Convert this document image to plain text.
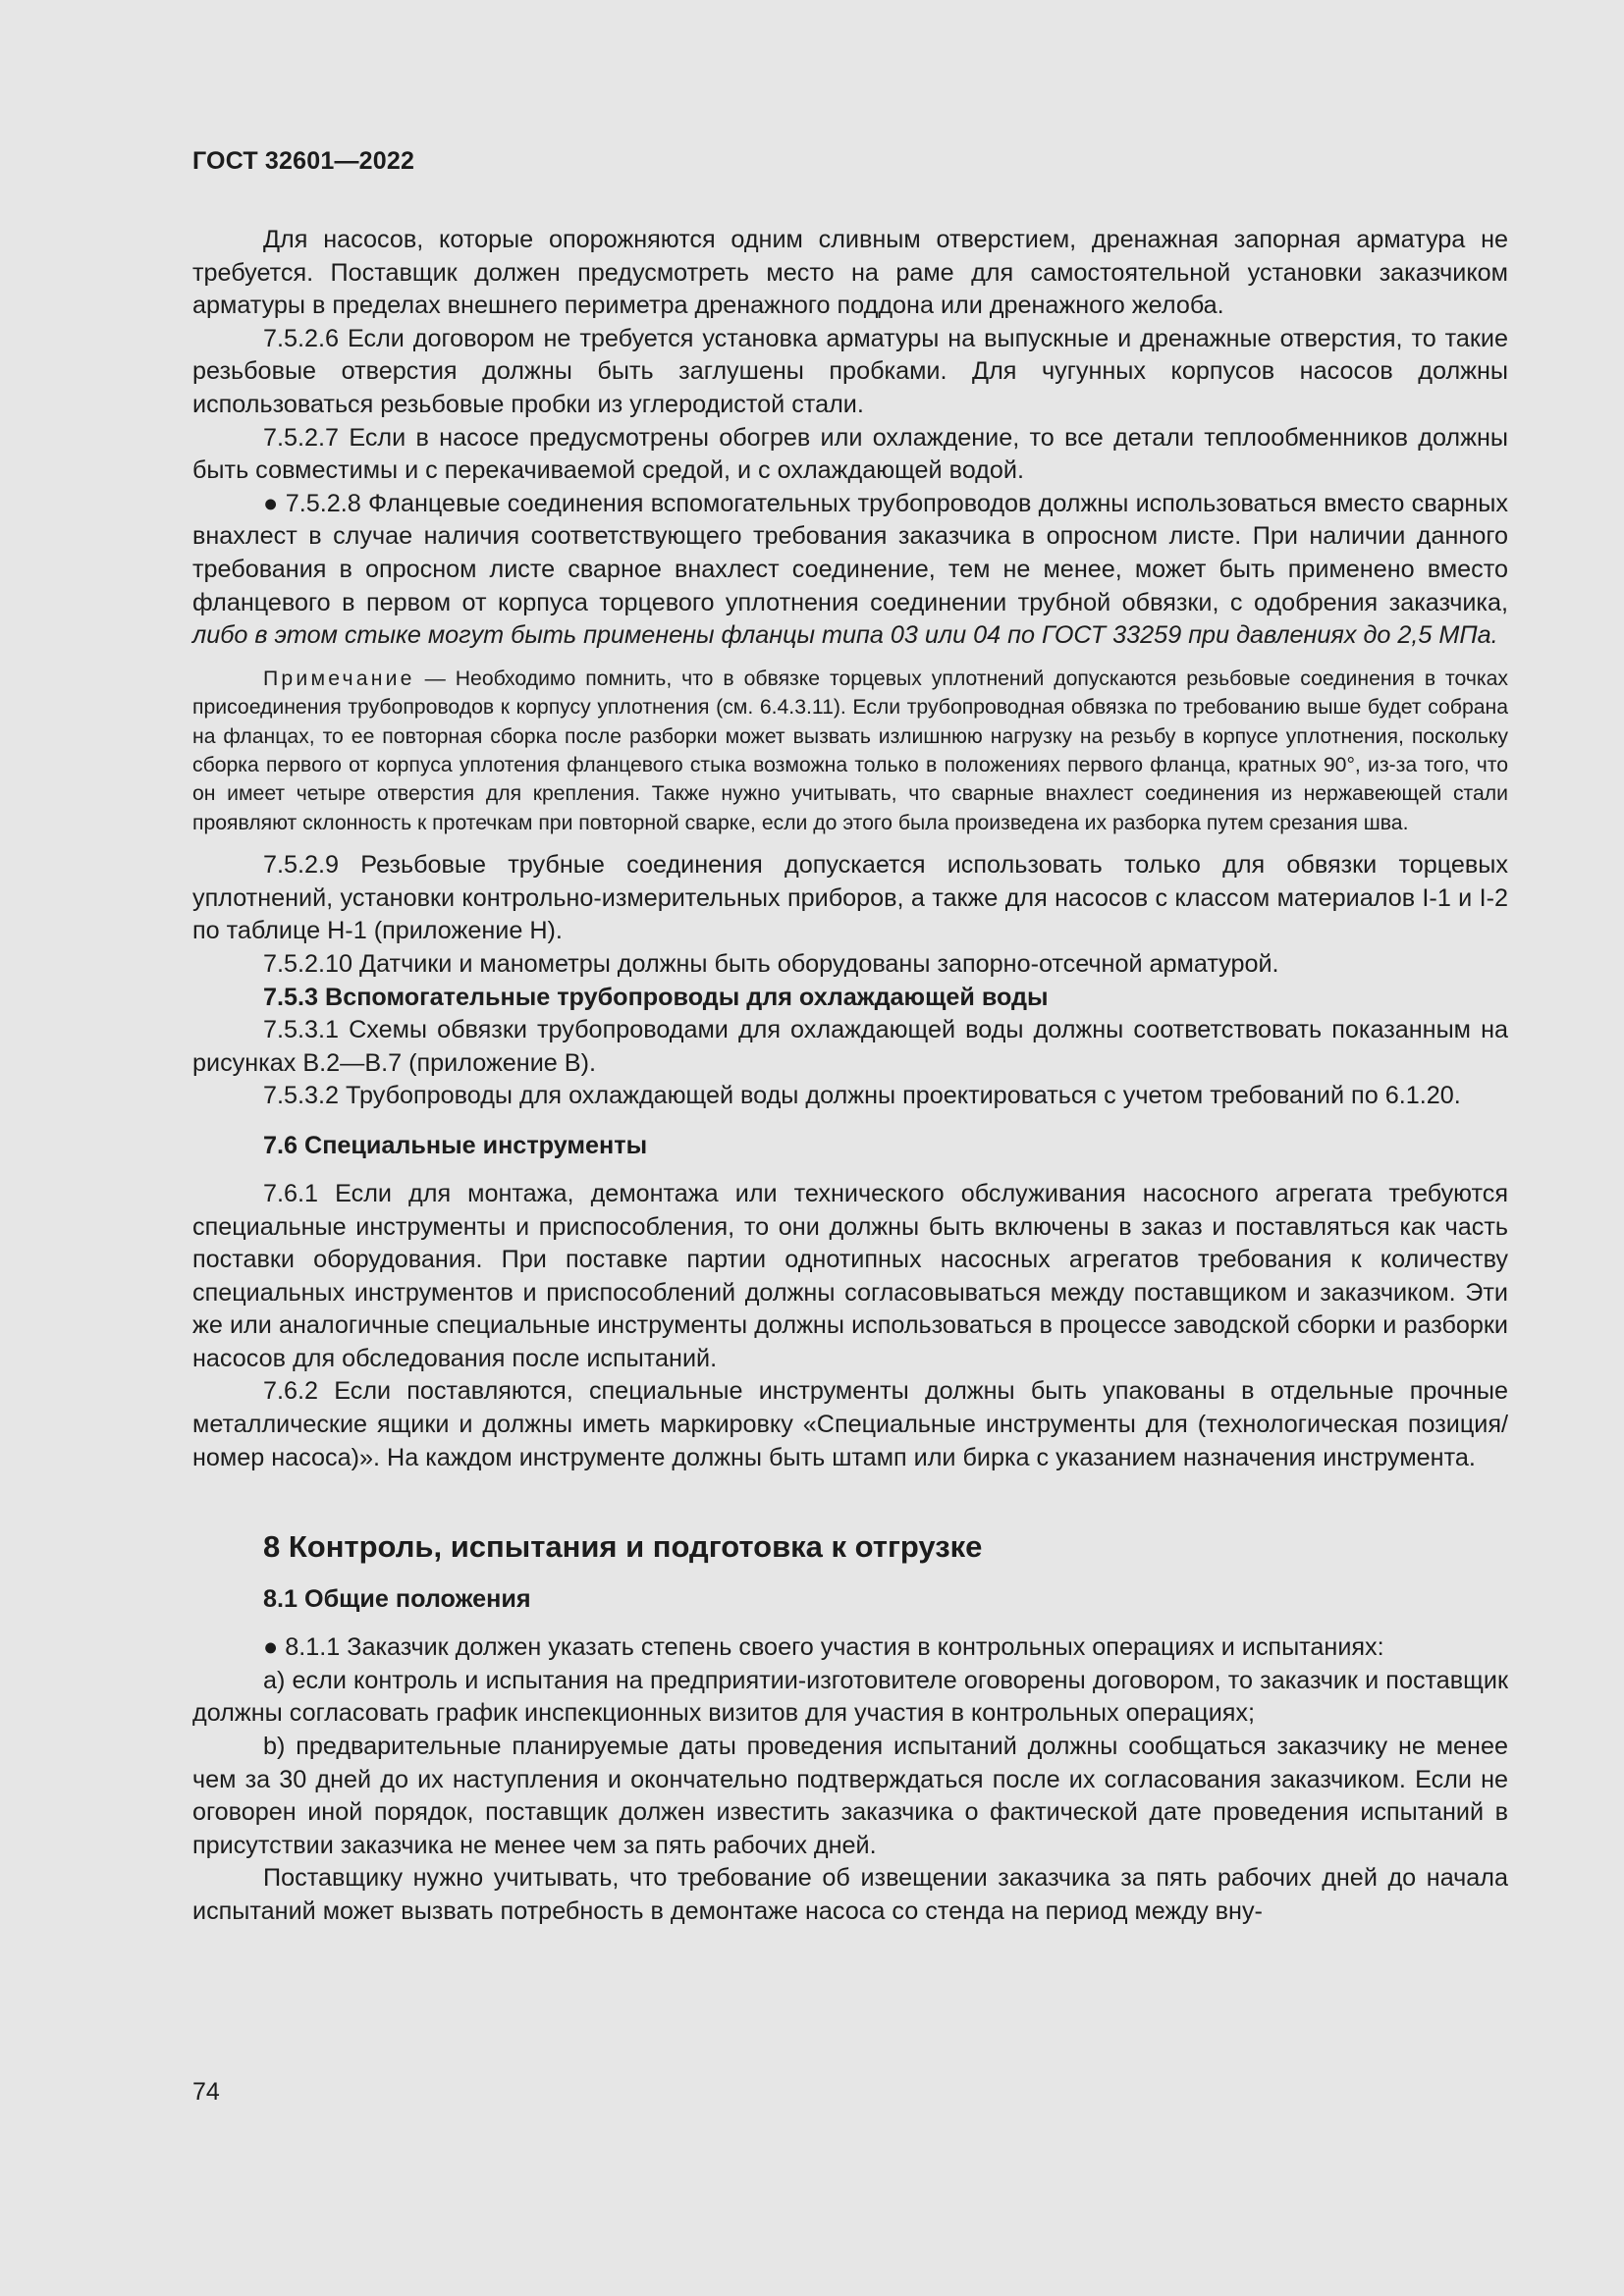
ГОСТ 32601—2022

Для насосов, которые опорожняются одним сливным отверстием, дренажная запорная арматура не требуется. Поставщик должен предусмотреть место на раме для самостоятельной установки заказчиком арматуры в пределах внешнего периметра дренажного поддона или дренажного желоба.

7.5.2.6 Если договором не требуется установка арматуры на выпускные и дренажные отверстия, то такие резьбовые отверстия должны быть заглушены пробками. Для чугунных корпусов насосов должны использоваться резьбовые пробки из углеродистой стали.

7.5.2.7 Если в насосе предусмотрены обогрев или охлаждение, то все детали теплообменников должны быть совместимы и с перекачиваемой средой, и с охлаждающей водой.

● 7.5.2.8 Фланцевые соединения вспомогательных трубопроводов должны использоваться вместо сварных внахлест в случае наличия соответствующего требования заказчика в опросном листе. При наличии данного требования в опросном листе сварное внахлест соединение, тем не менее, может быть применено вместо фланцевого в первом от корпуса торцевого уплотнения соединении трубной обвязки, с одобрения заказчика, либо в этом стыке могут быть применены фланцы типа 03 или 04 по ГОСТ 33259 при давлениях до 2,5 МПа.

Примечание — Необходимо помнить, что в обвязке торцевых уплотнений допускаются резьбовые соединения в точках присоединения трубопроводов к корпусу уплотнения (см. 6.4.3.11). Если трубопроводная обвязка по требованию выше будет собрана на фланцах, то ее повторная сборка после разборки может вызвать излишнюю нагрузку на резьбу в корпусе уплотнения, поскольку сборка первого от корпуса уплотения фланцевого стыка возможна только в положениях первого фланца, кратных 90°, из-за того, что он имеет четыре отверстия для крепления. Также нужно учитывать, что сварные внахлест соединения из нержавеющей стали проявляют склонность к протечкам при повторной сварке, если до этого была произведена их разборка путем срезания шва.

7.5.2.9 Резьбовые трубные соединения допускается использовать только для обвязки торцевых уплотнений, установки контрольно-измерительных приборов, а также для насосов с классом материалов I-1 и I-2 по таблице Н-1 (приложение Н).

7.5.2.10 Датчики и манометры должны быть оборудованы запорно-отсечной арматурой.

7.5.3 Вспомогательные трубопроводы для охлаждающей воды

7.5.3.1 Схемы обвязки трубопроводами для охлаждающей воды должны соответствовать показанным на рисунках В.2—В.7 (приложение В).

7.5.3.2 Трубопроводы для охлаждающей воды должны проектироваться с учетом требований по 6.1.20.

7.6 Специальные инструменты

7.6.1 Если для монтажа, демонтажа или технического обслуживания насосного агрегата требуются специальные инструменты и приспособления, то они должны быть включены в заказ и поставляться как часть поставки оборудования. При поставке партии однотипных насосных агрегатов требования к количеству специальных инструментов и приспособлений должны согласовываться между поставщиком и заказчиком. Эти же или аналогичные специальные инструменты должны использоваться в процессе заводской сборки и разборки насосов для обследования после испытаний.

7.6.2 Если поставляются, специальные инструменты должны быть упакованы в отдельные прочные металлические ящики и должны иметь маркировку «Специальные инструменты для (технологическая позиция/номер насоса)». На каждом инструменте должны быть штамп или бирка с указанием назначения инструмента.

8 Контроль, испытания и подготовка к отгрузке
8.1 Общие положения

● 8.1.1 Заказчик должен указать степень своего участия в контрольных операциях и испытаниях:

a) если контроль и испытания на предприятии-изготовителе оговорены договором, то заказчик и поставщик должны согласовать график инспекционных визитов для участия в контрольных операциях;

b) предварительные планируемые даты проведения испытаний должны сообщаться заказчику не менее чем за 30 дней до их наступления и окончательно подтверждаться после их согласования заказчиком. Если не оговорен иной порядок, поставщик должен известить заказчика о фактической дате проведения испытаний в присутствии заказчика не менее чем за пять рабочих дней.

Поставщику нужно учитывать, что требование об извещении заказчика за пять рабочих дней до начала испытаний может вызвать потребность в демонтаже насоса со стенда на период между вну-

74
